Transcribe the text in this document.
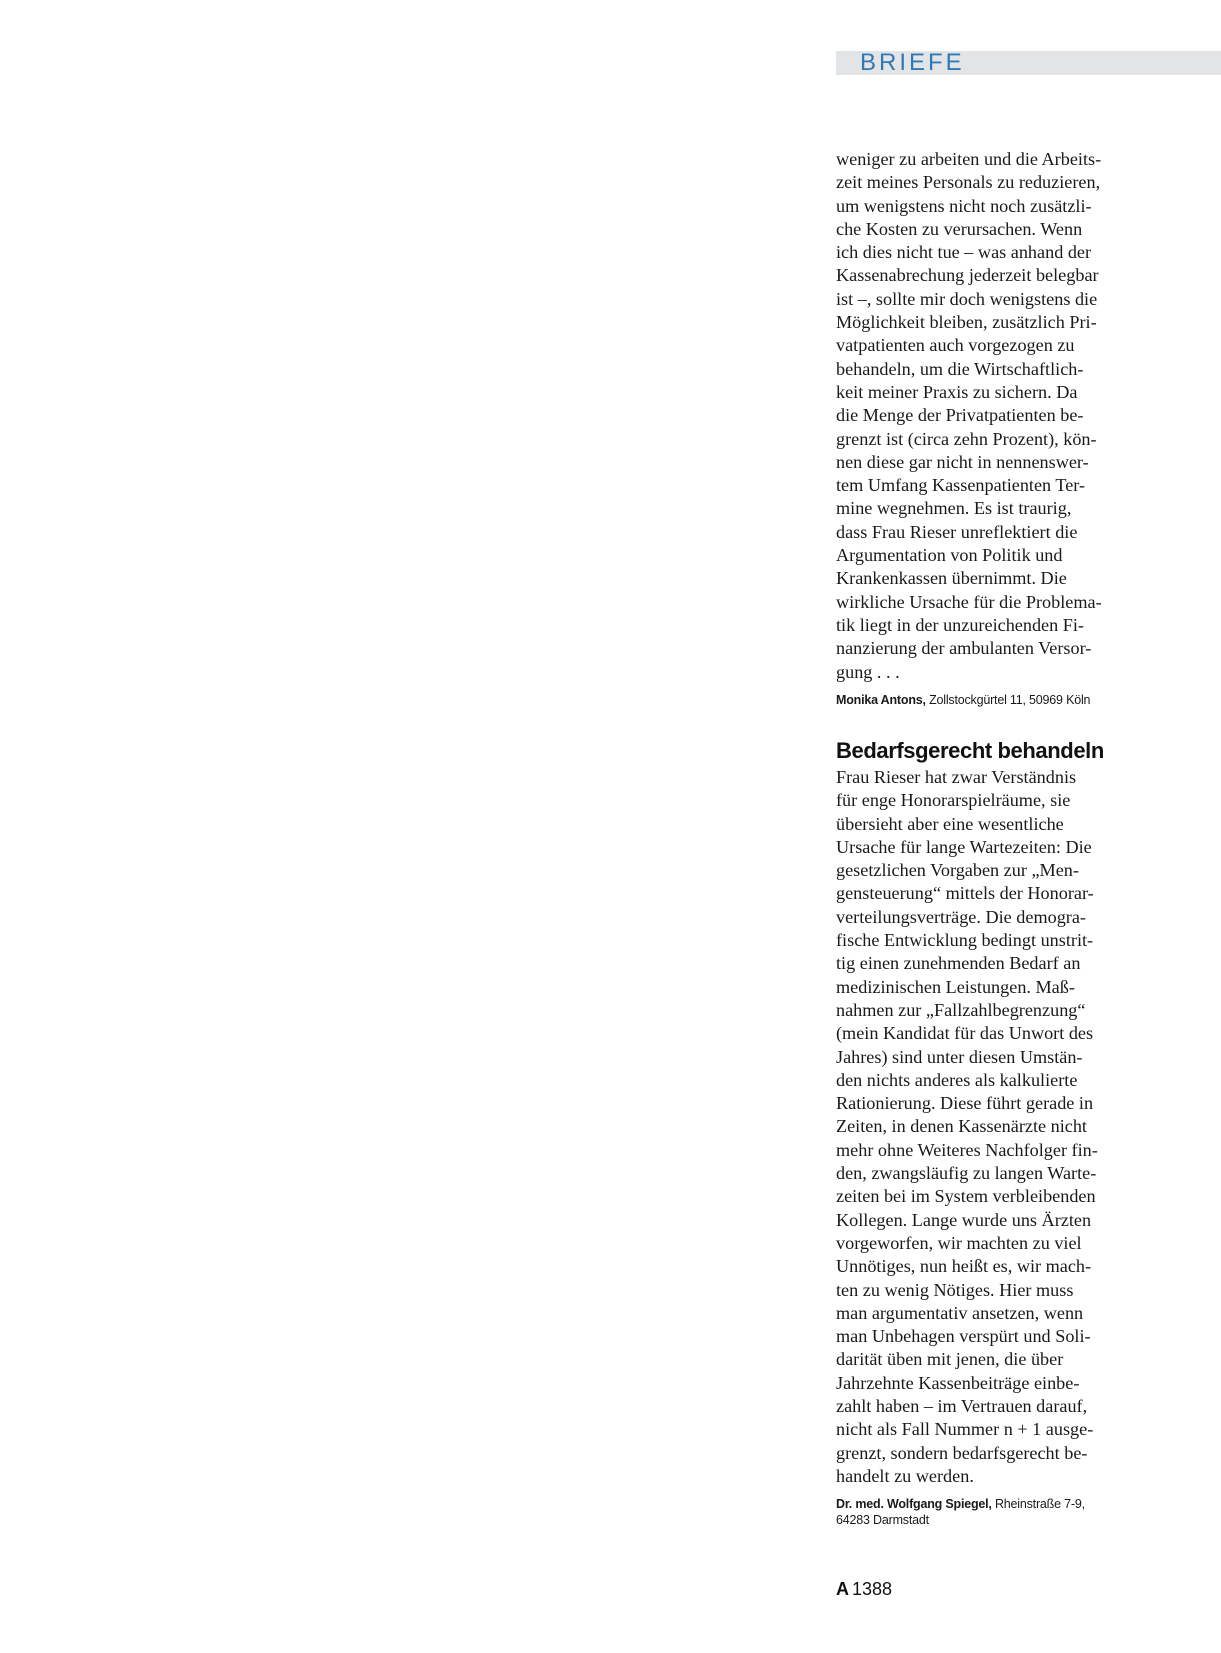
BRIEFE

weniger zu arbeiten und die Arbeits-
zeit meines Personals zu reduzieren,
um wenigstens nicht noch zusätzli-
che Kosten zu verursachen. Wenn
ich dies nicht tue – was anhand der
Kassenabrechung jederzeit belegbar
ist –, sollte mir doch wenigstens die
Möglichkeit bleiben, zusätzlich Pri-
vatpatienten auch vorgezogen zu
behandeln, um die Wirtschaftlich-
keit meiner Praxis zu sichern. Da
die Menge der Privatpatienten be-
grenzt ist (circa zehn Prozent), kön-
nen diese gar nicht in nennenswer-
tem Umfang Kassenpatienten Ter-
mine wegnehmen. Es ist traurig,
dass Frau Rieser unreflektiert die
Argumentation von Politik und
Krankenkassen übernimmt. Die
wirkliche Ursache für die Problema-
tik liegt in der unzureichenden Fi-
nanzierung der ambulanten Versor-
gung . . .

Monika Antons, Zollstockgürtel 11, 50969 Köln

Bedarfsgerecht behandeln

Frau Rieser hat zwar Verständnis
für enge Honorarspielräume, sie
übersieht aber eine wesentliche
Ursache für lange Wartezeiten: Die
gesetzlichen Vorgaben zur „Men-
gensteuerung“ mittels der Honorar-
verteilungsverträge. Die demogra-
fische Entwicklung bedingt unstrit-
tig einen zunehmenden Bedarf an
medizinischen Leistungen. Maß-
nahmen zur „Fallzahlbegrenzung“
(mein Kandidat für das Unwort des
Jahres) sind unter diesen Umstän-
den nichts anderes als kalkulierte
Rationierung. Diese führt gerade in
Zeiten, in denen Kassenärzte nicht
mehr ohne Weiteres Nachfolger fin-
den, zwangsläufig zu langen Warte-
zeiten bei im System verbleibenden
Kollegen. Lange wurde uns Ärzten
vorgeworfen, wir machten zu viel
Unnötiges, nun heißt es, wir mach-
ten zu wenig Nötiges. Hier muss
man argumentativ ansetzen, wenn
man Unbehagen verspürt und Soli-
darität üben mit jenen, die über
Jahrzehnte Kassenbeiträge einbe-
zahlt haben – im Vertrauen darauf,
nicht als Fall Nummer n + 1 ausge-
grenzt, sondern bedarfsgerecht be-
handelt zu werden.

Dr. med. Wolfgang Spiegel, Rheinstraße 7-9,
64283 Darmstadt

A 1388
